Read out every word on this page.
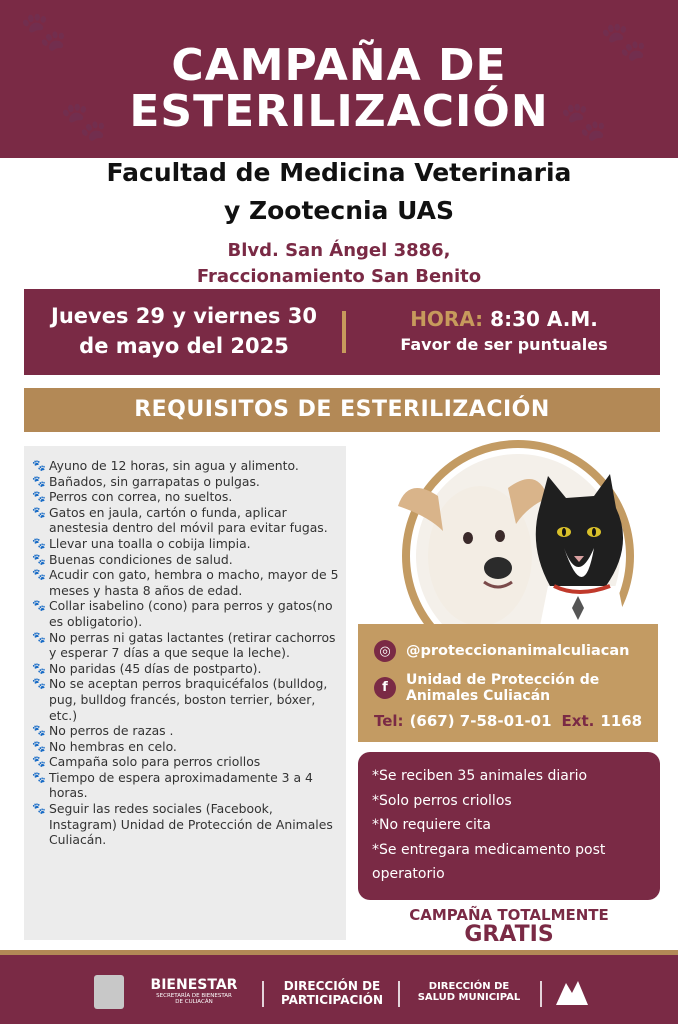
🐾	🐾
🐾
🐾
CAMPAÑA DE
ESTERILIZACIÓN
Facultad de Medicina Veterinaria
y Zootecnia UAS
Blvd. San Ángel 3886,
Fraccionamiento San Benito
Jueves 29 y viernes 30
de mayo del 2025
HORA: 8:30 A.M.
Favor de ser puntuales
REQUISITOS DE ESTERILIZACIÓN
🐾 Ayuno de 12 horas, sin agua y alimento.
🐾 Bañados, sin garrapatas o pulgas.
🐾 Perros con correa, no sueltos.
🐾 Gatos en jaula, cartón o funda, aplicar anestesia dentro del móvil para evitar fugas.
🐾 Llevar una toalla o cobija limpia.
🐾 Buenas condiciones de salud.
🐾 Acudir con gato, hembra o macho, mayor de 5 meses y hasta 8 años de edad.
🐾 Collar isabelino (cono) para perros y gatos(no es obligatorio).
🐾 No perras ni gatas lactantes (retirar cachorros y esperar 7 días a que seque la leche).
🐾 No paridas (45 días de postparto).
🐾 No se aceptan perros braquicéfalos (bulldog, pug, bulldog francés, boston terrier, bóxer, etc.)
🐾 No perros de razas .
🐾 No hembras en celo.
🐾 Campaña solo para perros criollos
🐾 Tiempo de espera aproximadamente 3 a 4 horas.
🐾 Seguir las redes sociales (Facebook, Instagram) Unidad de Protección de Animales Culiacán.
◎	@proteccionanimalculiacan
f	Unidad de Protección de
Animales Culiacán
Tel: (667) 7-58-01-01 Ext. 1168
*Se reciben 35 animales diario
*Solo perros criollos
*No requiere cita
*Se entregara medicamento post
operatorio
CAMPAÑA TOTALMENTE
GRATIS
BIENESTAR
SECRETARÍA DE BIENESTAR
DE CULIACÁN
DIRECCIÓN DE
PARTICIPACIÓN
DIRECCIÓN DE
SALUD MUNICIPAL
